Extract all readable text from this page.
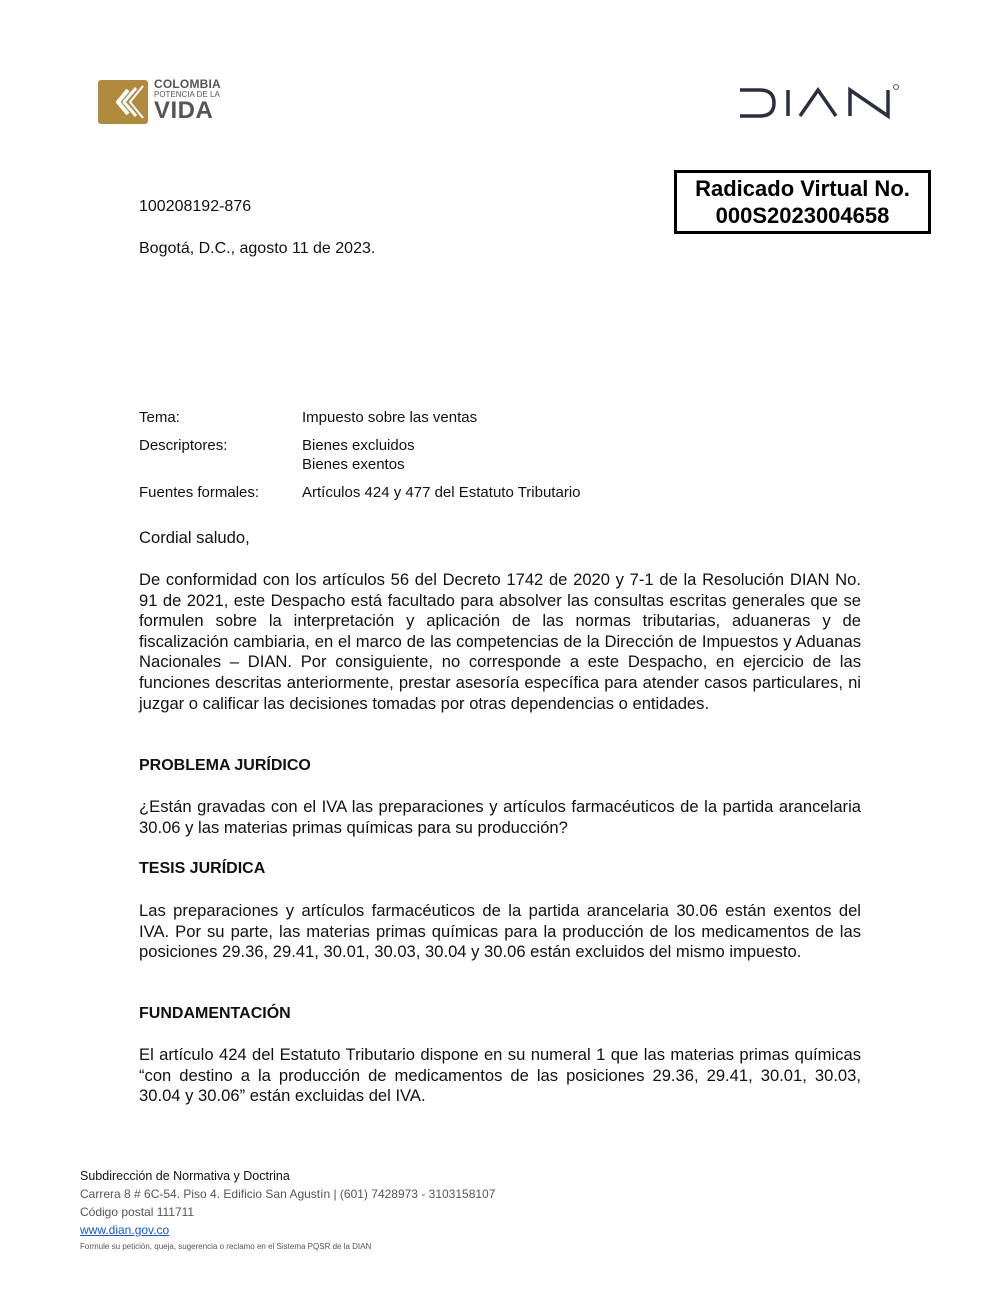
COLOMBIA
POTENCIA DE LA
VIDA
Radicado Virtual No.
000S2023004658
100208192-876
Bogotá, D.C., agosto 11 de 2023.
Tema:	Impuesto sobre las ventas
Descriptores:	Bienes excluidos
Bienes exentos
Fuentes formales:	Artículos 424 y 477 del Estatuto Tributario
Cordial saludo,
De conformidad con los artículos 56 del Decreto 1742 de 2020 y 7-1 de la Resolución DIAN No. 91 de 2021, este Despacho está facultado para absolver las consultas escritas generales que se formulen sobre la interpretación y aplicación de las normas tributarias, aduaneras y de fiscalización cambiaria, en el marco de las competencias de la Dirección de Impuestos y Aduanas Nacionales – DIAN. Por consiguiente, no corresponde a este Despacho, en ejercicio de las funciones descritas anteriormente, prestar asesoría específica para atender casos particulares, ni juzgar o calificar las decisiones tomadas por otras dependencias o entidades.
PROBLEMA JURÍDICO
¿Están gravadas con el IVA las preparaciones y artículos farmacéuticos de la partida arancelaria 30.06 y las materias primas químicas para su producción?
TESIS JURÍDICA
Las preparaciones y artículos farmacéuticos de la partida arancelaria 30.06 están exentos del IVA. Por su parte, las materias primas químicas para la producción de los medicamentos de las posiciones 29.36, 29.41, 30.01, 30.03, 30.04 y 30.06 están excluidos del mismo impuesto.
FUNDAMENTACIÓN
El artículo 424 del Estatuto Tributario dispone en su numeral 1 que las materias primas químicas “con destino a la producción de medicamentos de las posiciones 29.36, 29.41, 30.01, 30.03, 30.04 y 30.06” están excluidas del IVA.
Subdirección de Normativa y Doctrina
Carrera 8 # 6C-54. Piso 4. Edificio San Agustín | (601) 7428973 - 3103158107
Código postal 111711
www.dian.gov.co
Formule su petición, queja, sugerencia o reclamo en el Sistema PQSR de la DIAN
